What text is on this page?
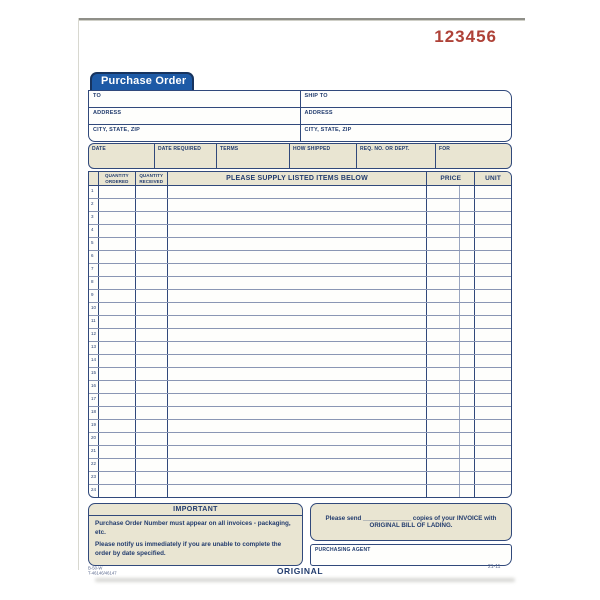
123456
Purchase Order
TO
ADDRESS
CITY, STATE, ZIP
SHIP TO
ADDRESS
CITY, STATE, ZIP
DATE	DATE REQUIRED	TERMS	HOW SHIPPED	REQ. NO. OR DEPT.	FOR
QUANTITY
ORDERED
QUANTITY
RECEIVED	PLEASE SUPPLY LISTED ITEMS BELOW	PRICE	UNIT
1
2
3
4
5
6
7
8
9
10
11
12
13
14
15
16
17
18
19
20
21
22
23
24
IMPORTANT

Purchase Order Number must appear on all invoices - packaging, etc.

Please notify us immediately if you are unable to complete the order by date specified.

Please send ______________ copies of your INVOICE with ORIGINAL BILL OF LADING.
PURCHASING AGENT
B-50-W
T-46146/46147	ORIGINAL	21-11
